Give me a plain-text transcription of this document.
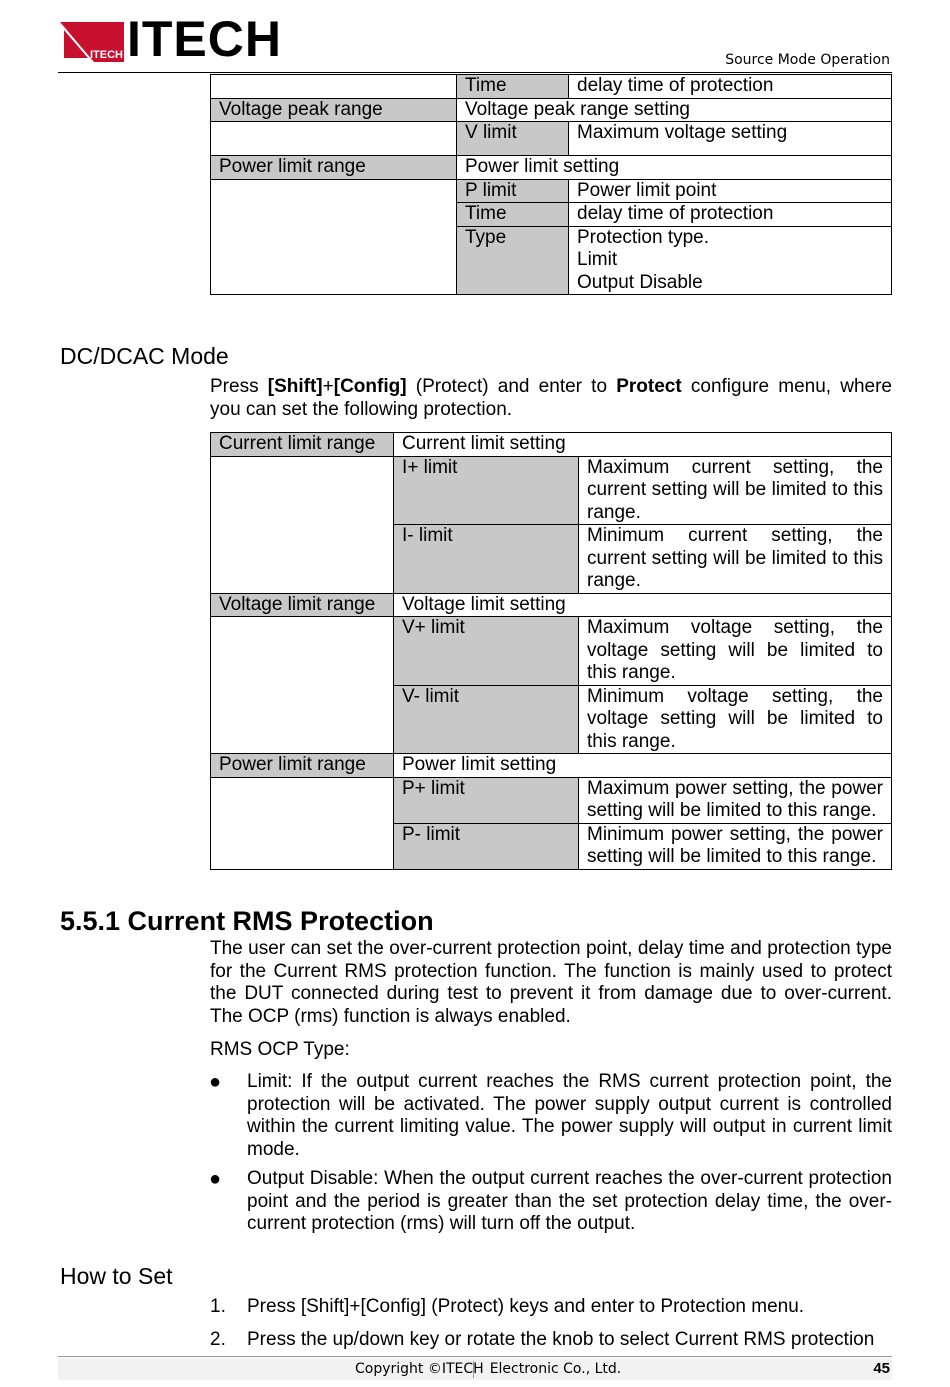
ITECH ITECH	Source Mode Operation
	Time	delay time of protection
Voltage peak range	Voltage peak range setting	
	V limit	Maximum voltage setting
Power limit range	Power limit setting	
	P limit	Power limit point
	Time	delay time of protection
	Type	Protection type.
Limit
Output Disable
DC/DCAC Mode
Press [Shift]+[Config] (Protect) and enter to Protect configure menu, where you can set the following protection.
Current limit range	Current limit setting	
	I+ limit	Maximum current setting, the current setting will be limited to this range.
	I- limit	Minimum current setting, the current setting will be limited to this range.
Voltage limit range	Voltage limit setting	
	V+ limit	Maximum voltage setting, the voltage setting will be limited to this range.
	V- limit	Minimum voltage setting, the voltage setting will be limited to this range.
Power limit range	Power limit setting	
	P+ limit	Maximum power setting, the power setting will be limited to this range.
	P- limit	Minimum power setting, the power setting will be limited to this range.
5.5.1 Current RMS Protection
The user can set the over-current protection point, delay time and protection type for the Current RMS protection function. The function is mainly used to protect the DUT connected during test to prevent it from damage due to over-current. The OCP (rms) function is always enabled.
RMS OCP Type:
● Limit: If the output current reaches the RMS current protection point, the protection will be activated. The power supply output current is controlled within the current limiting value. The power supply will output in current limit mode.
● Output Disable: When the output current reaches the over-current protection point and the period is greater than the set protection delay time, the over-current protection (rms) will turn off the output.
How to Set
1. Press [Shift]+[Config] (Protect) keys and enter to Protection menu.
2. Press the up/down key or rotate the knob to select Current RMS protection
Copyright ©ITECH Electronic Co., Ltd.	45
